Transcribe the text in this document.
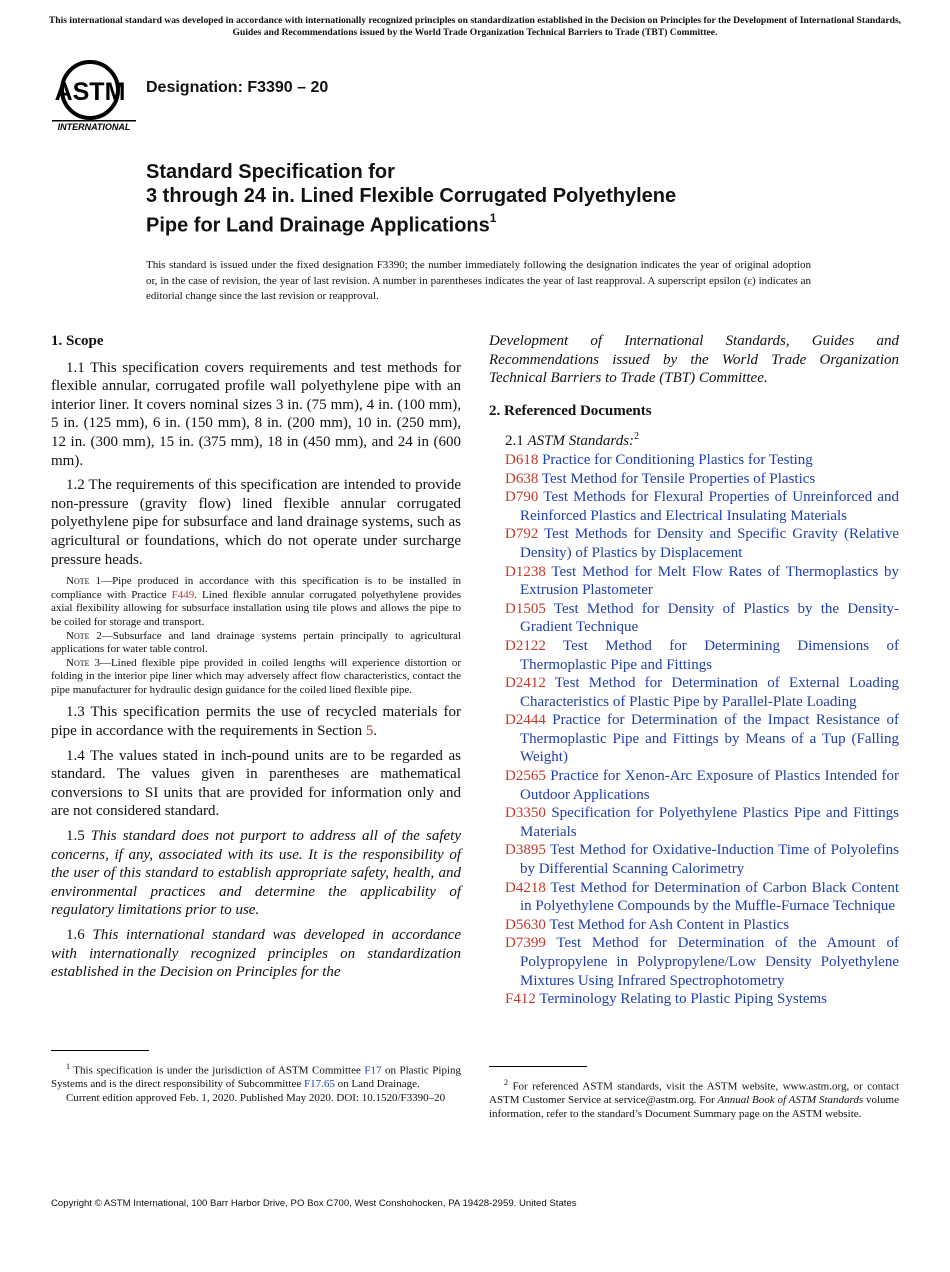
This international standard was developed in accordance with internationally recognized principles on standardization established in the Decision on Principles for the Development of International Standards, Guides and Recommendations issued by the World Trade Organization Technical Barriers to Trade (TBT) Committee.
ASTM
INTERNATIONAL
Designation: F3390 – 20
Standard Specification for
3 through 24 in. Lined Flexible Corrugated Polyethylene
Pipe for Land Drainage Applications$^1$
This standard is issued under the fixed designation F3390; the number immediately following the designation indicates the year of original adoption or, in the case of revision, the year of last revision. A number in parentheses indicates the year of last reapproval. A superscript epsilon (ε) indicates an editorial change since the last revision or reapproval.
1. Scope

1.1 This specification covers requirements and test methods for flexible annular, corrugated profile wall polyethylene pipe with an interior liner. It covers nominal sizes 3 in. (75 mm), 4 in. (100 mm), 5 in. (125 mm), 6 in. (150 mm), 8 in. (200 mm), 10 in. (250 mm), 12 in. (300 mm), 15 in. (375 mm), 18 in (450 mm), and 24 in (600 mm).

1.2 The requirements of this specification are intended to provide non-pressure (gravity flow) lined flexible annular corrugated polyethylene pipe for subsurface and land drainage systems, such as agricultural or foundations, which do not operate under surcharge pressure heads.

Note 1—Pipe produced in accordance with this specification is to be installed in compliance with Practice F449. Lined flexible annular corrugated polyethylene provides axial flexibility allowing for subsurface installation using tile plows and allows the pipe to be coiled for storage and transport.

Note 2—Subsurface and land drainage systems pertain principally to agricultural applications for water table control.

Note 3—Lined flexible pipe provided in coiled lengths will experience distortion or folding in the interior pipe liner which may adversely affect flow characteristics, contact the pipe manufacturer for hydraulic design guidance for the coiled lined flexible pipe.

1.3 This specification permits the use of recycled materials for pipe in accordance with the requirements in Section 5.

1.4 The values stated in inch-pound units are to be regarded as standard. The values given in parentheses are mathematical conversions to SI units that are provided for information only and are not considered standard.

1.5 This standard does not purport to address all of the safety concerns, if any, associated with its use. It is the responsibility of the user of this standard to establish appropriate safety, health, and environmental practices and determine the applicability of regulatory limitations prior to use.

1.6 This international standard was developed in accordance with internationally recognized principles on standardization established in the Decision on Principles for the

Development of International Standards, Guides and Recommendations issued by the World Trade Organization Technical Barriers to Trade (TBT) Committee.

2. Referenced Documents

2.1 ASTM Standards:$^2$

D618 Practice for Conditioning Plastics for Testing

D638 Test Method for Tensile Properties of Plastics

D790 Test Methods for Flexural Properties of Unreinforced and Reinforced Plastics and Electrical Insulating Materials

D792 Test Methods for Density and Specific Gravity (Relative Density) of Plastics by Displacement

D1238 Test Method for Melt Flow Rates of Thermoplastics by Extrusion Plastometer

D1505 Test Method for Density of Plastics by the Density-Gradient Technique

D2122 Test Method for Determining Dimensions of Thermoplastic Pipe and Fittings

D2412 Test Method for Determination of External Loading Characteristics of Plastic Pipe by Parallel-Plate Loading

D2444 Practice for Determination of the Impact Resistance of Thermoplastic Pipe and Fittings by Means of a Tup (Falling Weight)

D2565 Practice for Xenon-Arc Exposure of Plastics Intended for Outdoor Applications

D3350 Specification for Polyethylene Plastics Pipe and Fittings Materials

D3895 Test Method for Oxidative-Induction Time of Polyolefins by Differential Scanning Calorimetry

D4218 Test Method for Determination of Carbon Black Content in Polyethylene Compounds by the Muffle-Furnace Technique

D5630 Test Method for Ash Content in Plastics

D7399 Test Method for Determination of the Amount of Polypropylene in Polypropylene/Low Density Polyethylene Mixtures Using Infrared Spectrophotometry

F412 Terminology Relating to Plastic Piping Systems

$^1$ This specification is under the jurisdiction of ASTM Committee F17 on Plastic Piping Systems and is the direct responsibility of Subcommittee F17.65 on Land Drainage.

Current edition approved Feb. 1, 2020. Published May 2020. DOI: 10.1520/F3390–20

$^2$ For referenced ASTM standards, visit the ASTM website, www.astm.org, or contact ASTM Customer Service at service@astm.org. For Annual Book of ASTM Standards volume information, refer to the standard’s Document Summary page on the ASTM website.

Copyright © ASTM International, 100 Barr Harbor Drive, PO Box C700, West Conshohocken, PA 19428-2959. United States
